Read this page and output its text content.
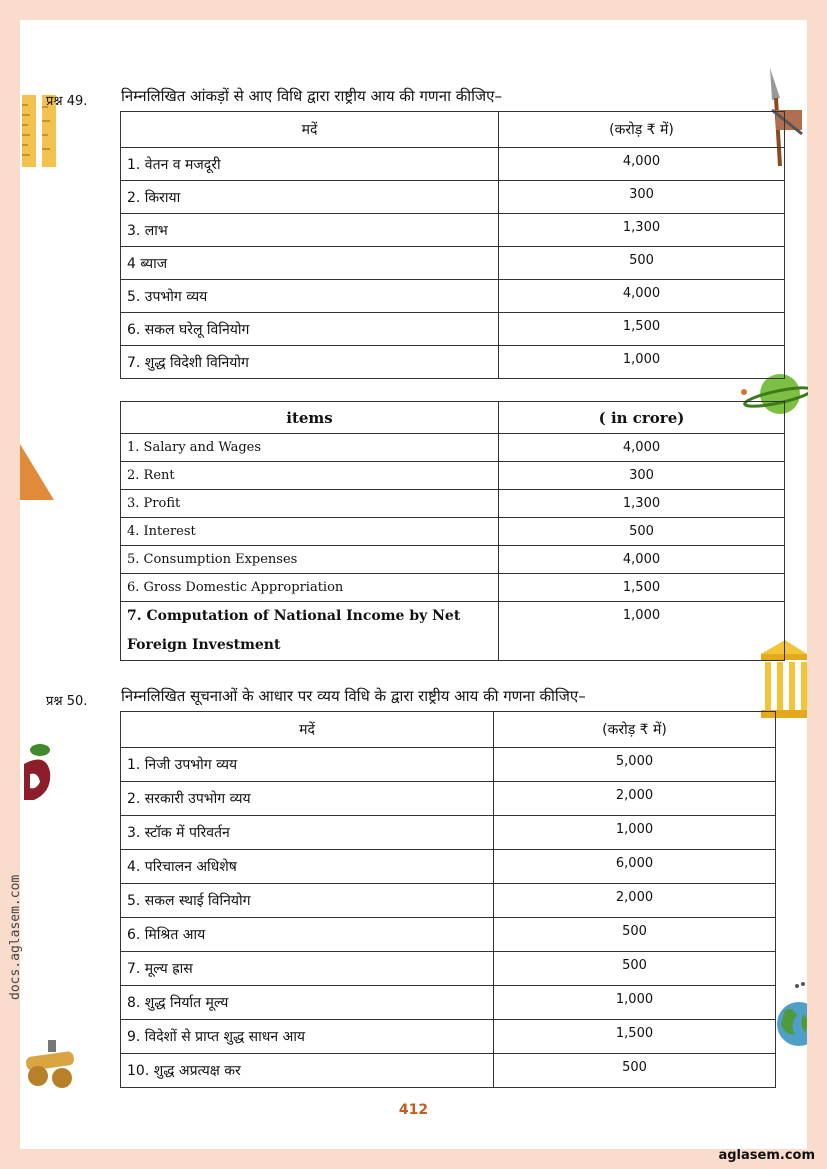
docs.aglasem.com
प्रश्न 49. निम्नलिखित आंकड़ों से आए विधि द्वारा राष्ट्रीय आय की गणना कीजिए–
मदें	(करोड़ ₹ में)
1. वेतन व मजदूरी	4,000
2. किराया	300
3. लाभ	1,300
4 ब्याज	500
5. उपभोग व्यय	4,000
6. सकल घरेलू विनियोग	1,500
7. शुद्ध विदेशी विनियोग	1,000
items	( in crore)
1. Salary and Wages	4,000
2. Rent	300
3. Profit	1,300
4. Interest	500
5. Consumption Expenses	4,000
6. Gross Domestic Appropriation	1,500

7. Computation of National Income by Net
Foreign Investment	1,000
प्रश्न 50. निम्नलिखित सूचनाओं के आधार पर व्यय विधि के द्वारा राष्ट्रीय आय की गणना कीजिए–
मदें	(करोड़ ₹ में)
1. निजी उपभोग व्यय	5,000
2. सरकारी उपभोग व्यय	2,000
3. स्टॉक में परिवर्तन	1,000
4. परिचालन अधिशेष	6,000
5. सकल स्थाई विनियोग	2,000
6. मिश्रित आय	500
7. मूल्य ह्रास	500
8. शुद्ध निर्यात मूल्य	1,000
9. विदेशों से प्राप्त शुद्ध साधन आय	1,500
10. शुद्ध अप्रत्यक्ष कर	500
412
aglasem.com
